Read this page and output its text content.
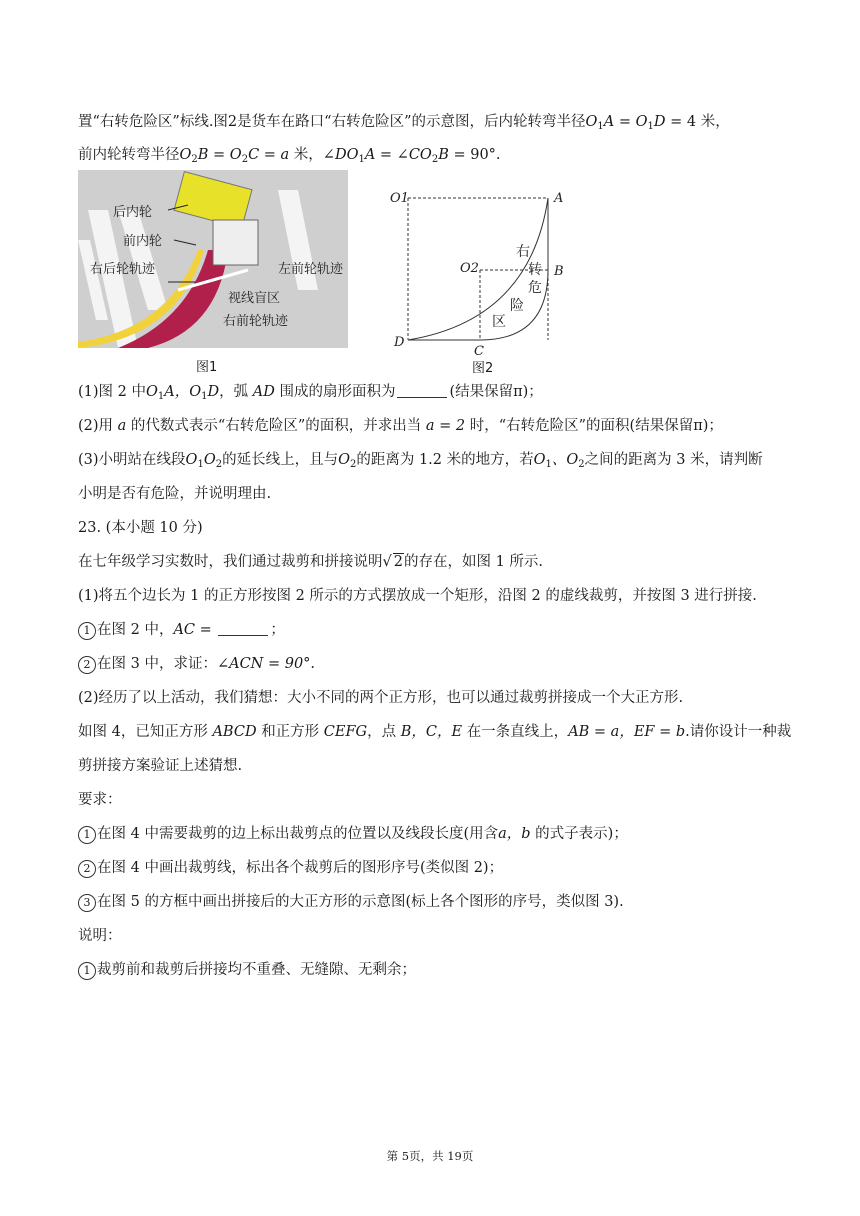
置“右转危险区”标线.图2是货车在路口“右转危险区”的示意图，后内轮转弯半径$O_1A = O_1D = 4$ 米，
前内轮转弯半径$O_2B = O_2C = a$ 米，$\angle DO_1A$ = $\angle CO_2B = 90^\circ$.
后内轮
前内轮
右后轮轨迹	左前轮轨迹
视线盲区
右前轮轨迹
图1
O1	A
O2	B
D
C
右
转
危
险
区
图2
(1)图 2 中$O_1A$，$O_1D$，弧 AD 围成的扇形面积为	(结果保留π)；
(2)用 a 的代数式表示“右转危险区”的面积，并求出当 a = 2 时，“右转危险区”的面积(结果保留π)；
(3)小明站在线段$O_1O_2$的延长线上，且与$O_2$的距离为 1.2 米的地方，若$O_1$、$O_2$之间的距离为 3 米，请判断
小明是否有危险，并说明理由.
23. (本小题 10 分)
在七年级学习实数时，我们通过裁剪和拼接说明√ 2的存在，如图 1 所示.
(1)将五个边长为 1 的正方形按图 2 所示的方式摆放成一个矩形，沿图 2 的虚线裁剪，并按图 3 进行拼接.
1 在图 2 中，AC =	；
2 在图 3 中，求证：∠ACN = 90°.
(2)经历了以上活动，我们猜想：大小不同的两个正方形，也可以通过裁剪拼接成一个大正方形.
如图 4，已知正方形 ABCD 和正方形 CEFG，点 B，C，E 在一条直线上，AB = a，EF = b.请你设计一种裁
剪拼接方案验证上述猜想.
要求：
1 在图 4 中需要裁剪的边上标出裁剪点的位置以及线段长度(用含a，b 的式子表示)；
2 在图 4 中画出裁剪线，标出各个裁剪后的图形序号(类似图 2)；
3 在图 5 的方框中画出拼接后的大正方形的示意图(标上各个图形的序号，类似图 3).
说明：
1 裁剪前和裁剪后拼接均不重叠、无缝隙、无剩余；
第 5页，共 19页
